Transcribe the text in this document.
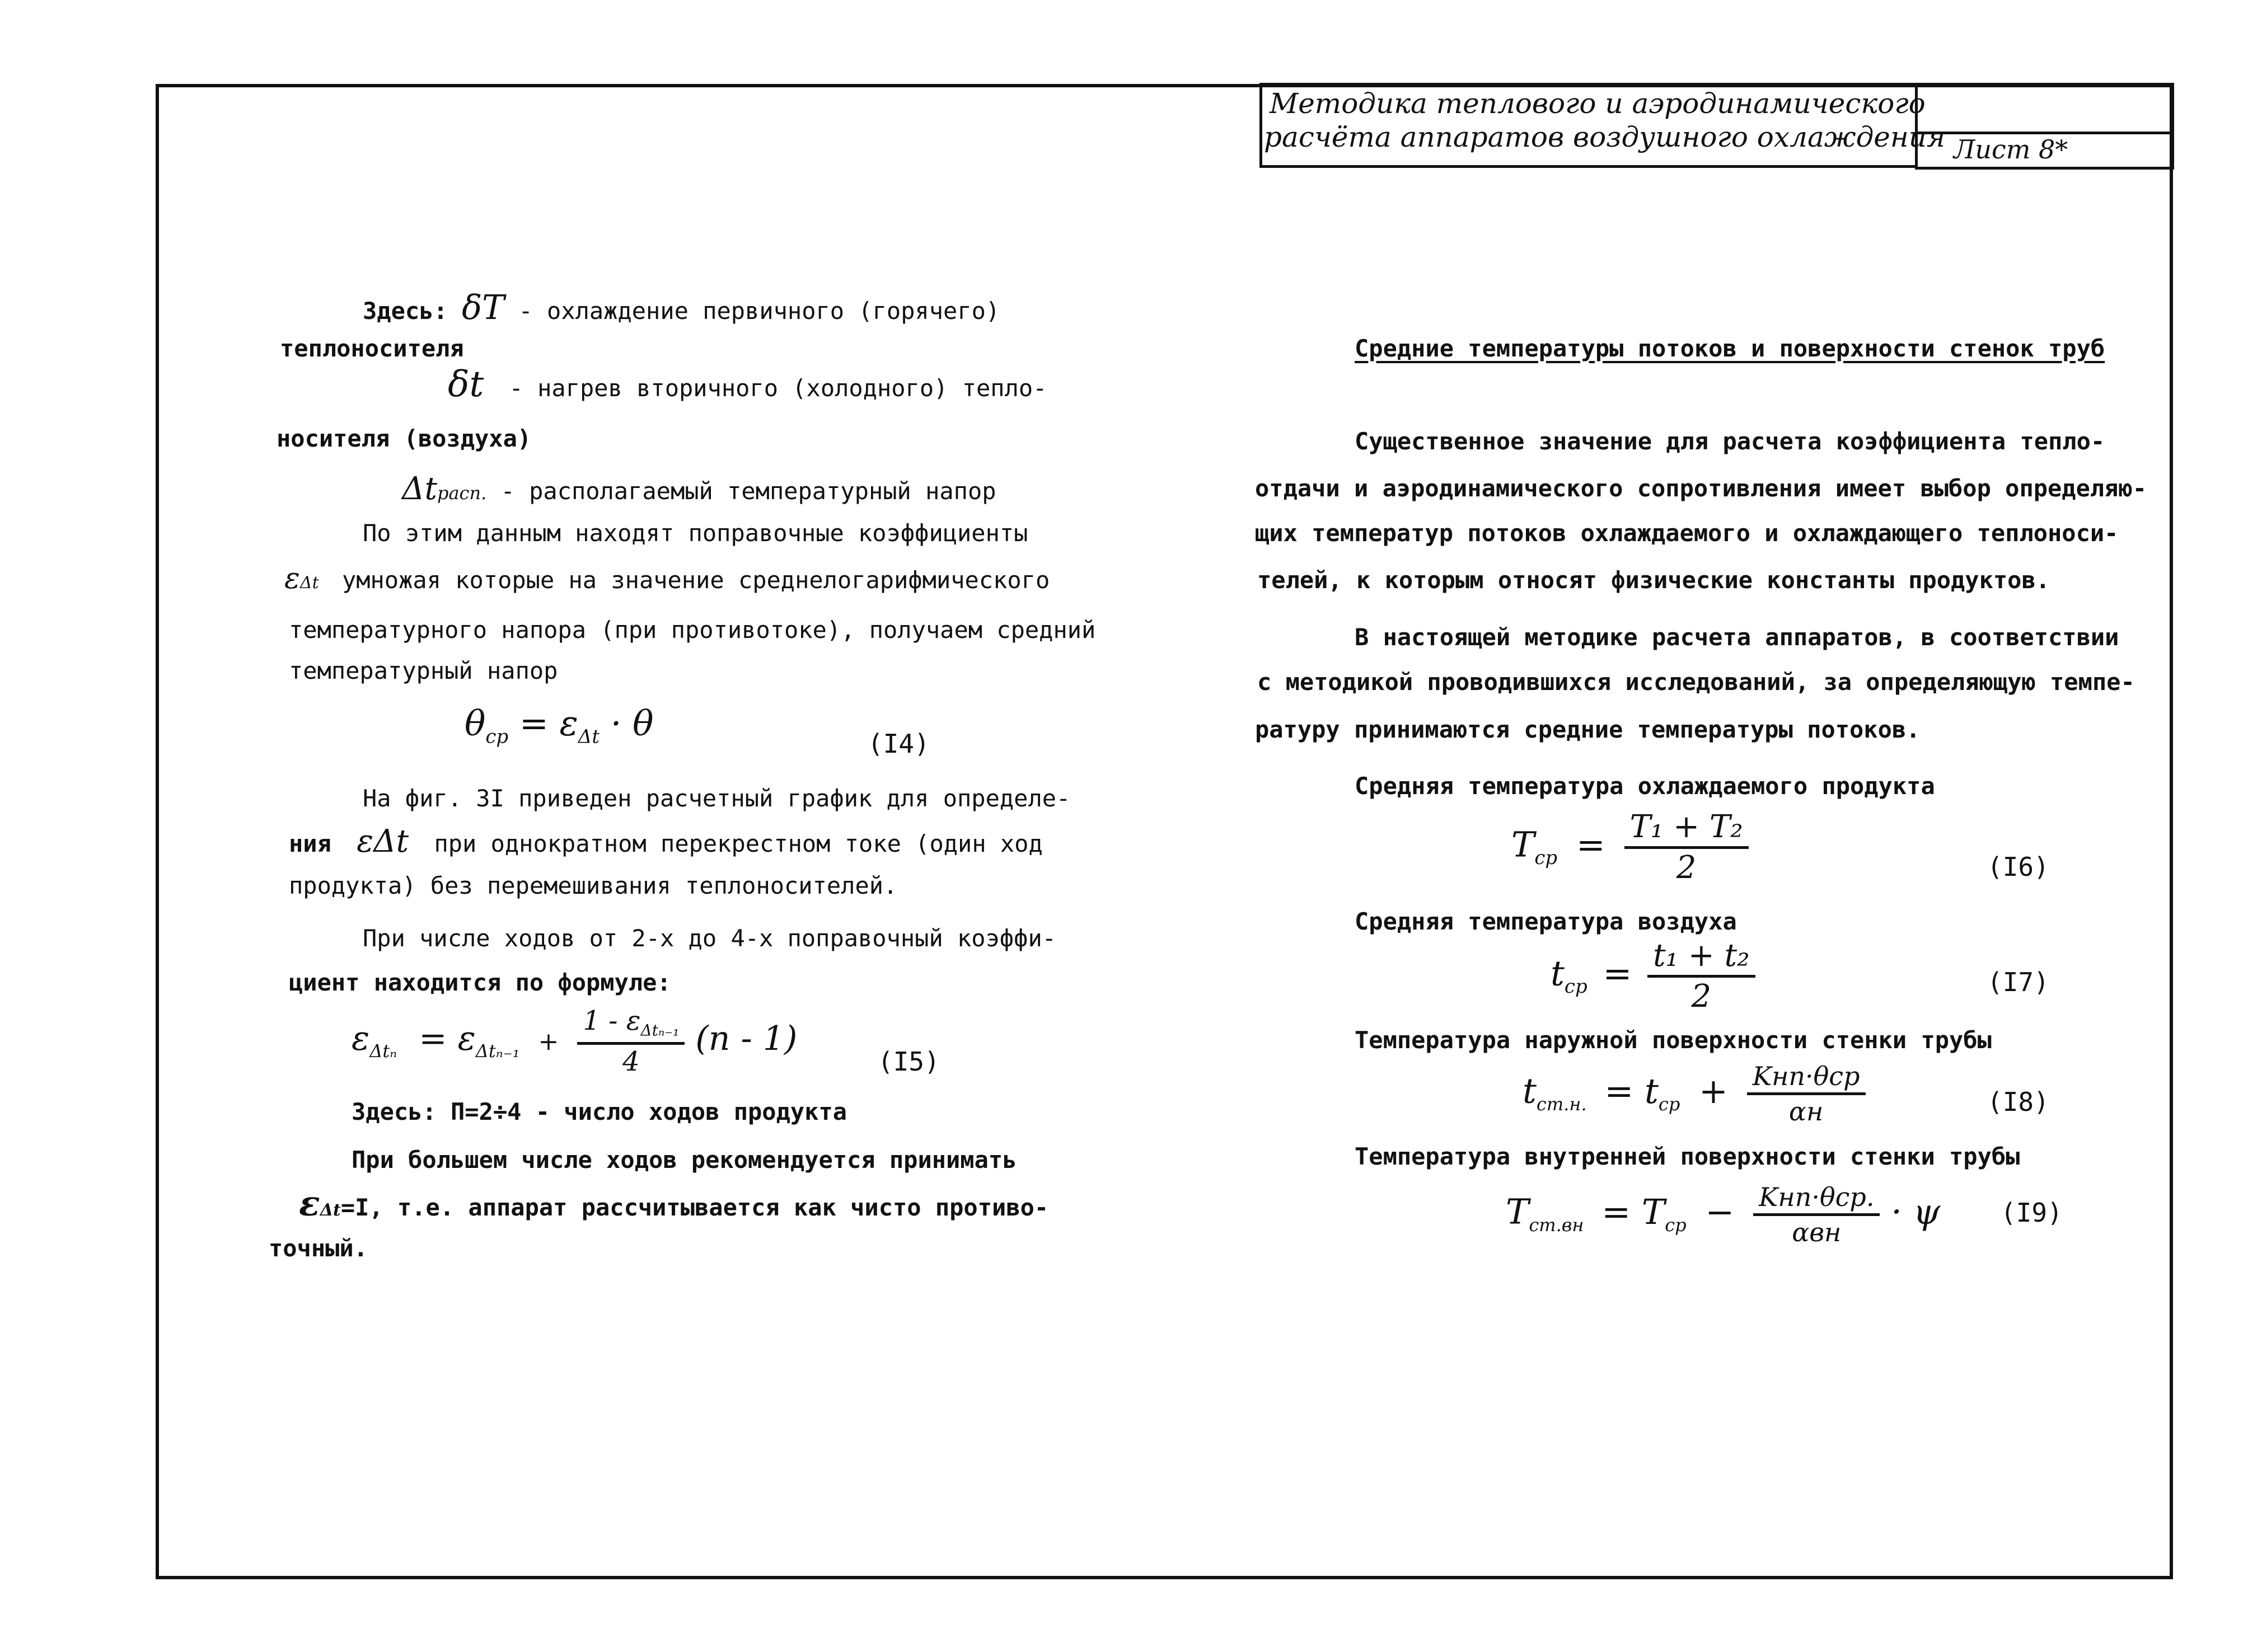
Методика теплового и аэродинамического
расчёта аппаратов воздушного охлаждения Лист 8*
Здесь: δT - охлаждение первичного (горячего)
теплоносителя
δt - нагрев вторичного (холодного) тепло-
носителя (воздуха)
Δtрасп. - располагаемый температурный напор
По этим данным находят поправочные коэффициенты
εΔt умножая которые на значение среднелогарифмического
температурного напора (при противотоке), получаем средний
температурный напор
$\theta_{ср} = \varepsilon_{\Delta t} \cdot \theta$	(I4)
На фиг. 3I приведен расчетный график для определе-
ния εΔt при однократном перекрестном токе (один ход
продукта) без перемешивания теплоносителей.
При числе ходов от 2-х до 4-х поправочный коэффи-
циент находится по формуле:
$\varepsilon_{\Delta t_n} = \varepsilon_{\Delta t_{n-1}} + \frac{1 - \varepsilon_{\Delta t_{n-1}}}{4} (n - 1)$
(I5)
Здесь: П=2÷4 - число ходов продукта
При большем числе ходов рекомендуется принимать
εΔt=I, т.е. аппарат рассчитывается как чисто противо-
точный.
Средние температуры потоков и поверхности стенок труб
Существенное значение для расчета коэффициента тепло-
отдачи и аэродинамического сопротивления имеет выбор определяю-
щих температур потоков охлаждаемого и охлаждающего теплоноси-
телей, к которым относят физические константы продуктов.
В настоящей методике расчета аппаратов, в соответствии
с методикой проводившихся исследований, за определяющую темпе-
ратуру принимаются средние температуры потоков.
Средняя температура охлаждаемого продукта
$T_{ср} = \frac{\text{T₁ + T₂}}{2}$	(I6)
Средняя температура воздуха
$t_{ср} = \frac{\text{t₁ + t₂}}{2}$	(I7)
Температура наружной поверхности стенки трубы
$t_{ст.н.} = t_{ср} + \frac{\text{Kнп·θср}}{\alpha н}$	(I8)
Температура внутренней поверхности стенки трубы
$T_{ст.вн} = T_{ср} - \frac{\text{Kнп·θср.}}{\text{αвн}} \cdot \psi$ (I9)
